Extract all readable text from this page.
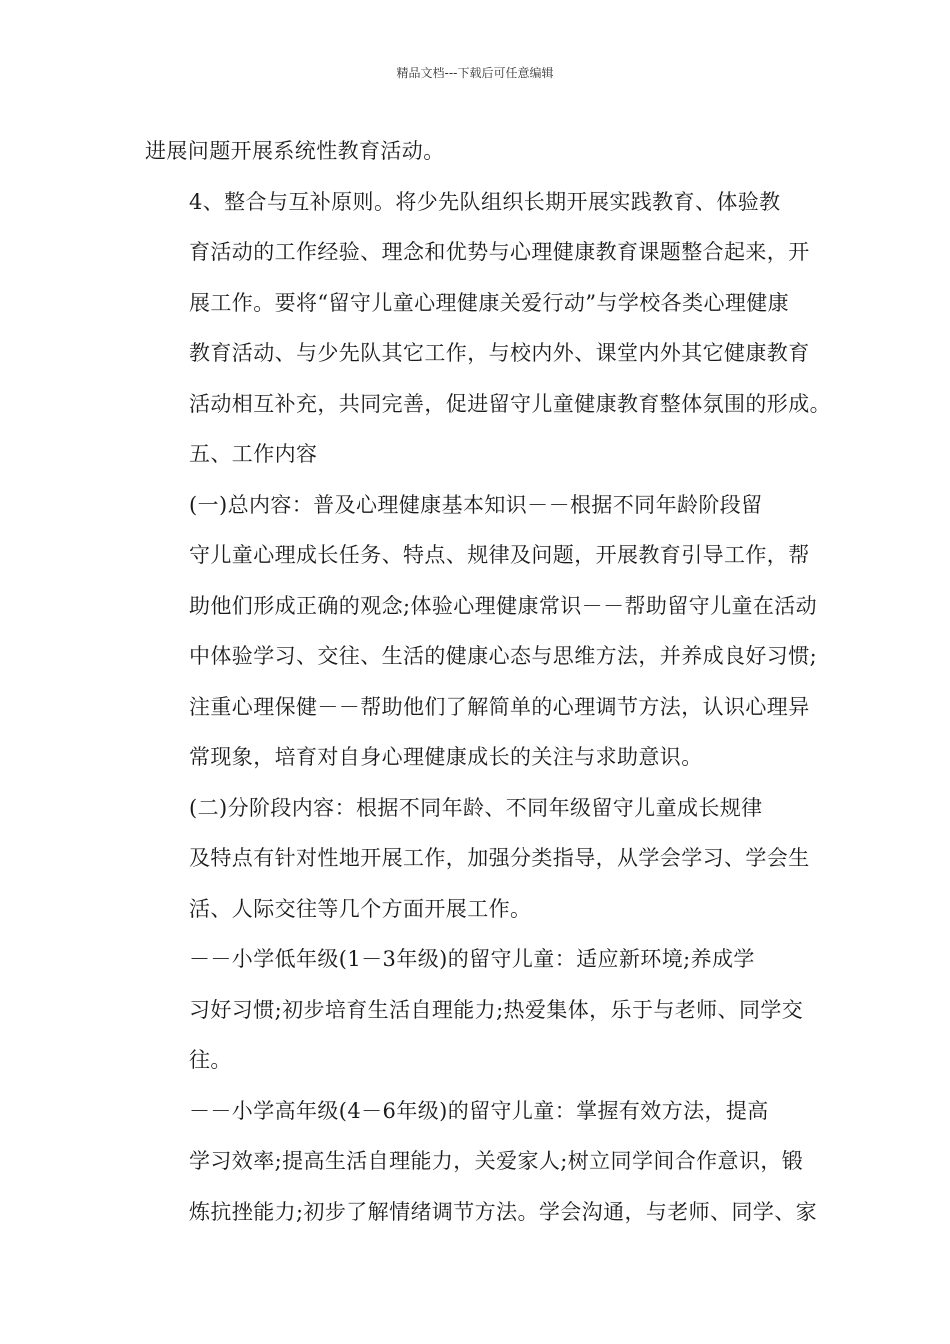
精品文档---下载后可任意编辑
进展问题开展系统性教育活动。
4、整合与互补原则。将少先队组织长期开展实践教育、体验教
育活动的工作经验、理念和优势与心理健康教育课题整合起来，开
展工作。要将“留守儿童心理健康关爱行动”与学校各类心理健康
教育活动、与少先队其它工作，与校内外、课堂内外其它健康教育
活动相互补充，共同完善，促进留守儿童健康教育整体氛围的形成。
五、工作内容
(一)总内容：普及心理健康基本知识－－根据不同年龄阶段留
守儿童心理成长任务、特点、规律及问题，开展教育引导工作，帮
助他们形成正确的观念;体验心理健康常识－－帮助留守儿童在活动
中体验学习、交往、生活的健康心态与思维方法，并养成良好习惯;
注重心理保健－－帮助他们了解简单的心理调节方法，认识心理异
常现象，培育对自身心理健康成长的关注与求助意识。
(二)分阶段内容：根据不同年龄、不同年级留守儿童成长规律
及特点有针对性地开展工作，加强分类指导，从学会学习、学会生
活、人际交往等几个方面开展工作。
－－小学低年级(1－3年级)的留守儿童：适应新环境;养成学
习好习惯;初步培育生活自理能力;热爱集体，乐于与老师、同学交
往。
－－小学高年级(4－6年级)的留守儿童：掌握有效方法，提高
学习效率;提高生活自理能力，关爱家人;树立同学间合作意识，锻
炼抗挫能力;初步了解情绪调节方法。学会沟通，与老师、同学、家
